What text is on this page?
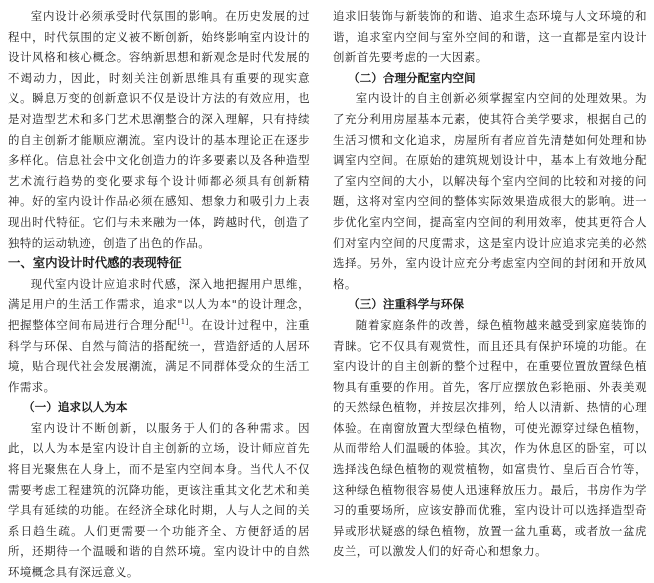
室内设计必须承受时代氛围的影响。在历史发展的过程中，时代氛围的定义被不断创新，始终影响室内设计的设计风格和核心概念。容纳新思想和新观念是时代发展的不竭动力，因此，时刻关注创新思维具有重要的现实意义。瞬息万变的创新意识不仅是设计方法的有效应用，也是对造型艺术和多门艺术思潮整合的深入理解，只有持续的自主创新才能顺应潮流。室内设计的基本理论正在逐步多样化。信息社会中文化创造力的许多要素以及各种造型艺术流行趋势的变化要求每个设计师都必须具有创新精神。好的室内设计作品必须在感知、想象力和吸引力上表现出时代特征。它们与未来融为一体，跨越时代，创造了独特的运动轨迹，创造了出色的作品。

一、室内设计时代感的表现特征

现代室内设计应追求时代感，深入地把握用户思维，满足用户的生活工作需求，追求"以人为本"的设计理念，把握整体空间布局进行合理分配[1]。在设计过程中，注重科学与环保、自然与简洁的搭配统一，营造舒适的人居环境，贴合现代社会发展潮流，满足不同群体受众的生活工作需求。

（一）追求以人为本

室内设计不断创新，以服务于人们的各种需求。因此，以人为本是室内设计自主创新的立场，设计师应首先将目光聚焦在人身上，而不是室内空间本身。当代人不仅需要考虑工程建筑的沉降功能，更该注重其文化艺术和美学具有延续的功能。在经济全球化时期，人与人之间的关系日趋生疏。人们更需要一个功能齐全、方便舒适的居所，还期待一个温暖和谐的自然环境。室内设计中的自然环境概念具有深远意义。

追求旧装饰与新装饰的和谐、追求生态环境与人文环境的和谐，追求室内空间与室外空间的和谐，这一直都是室内设计创新首先要考虑的一大因素。

（二）合理分配室内空间

室内设计的自主创新必须掌握室内空间的处理效果。为了充分利用房屋基本元素，使其符合美学要求，根据自己的生活习惯和文化追求，房屋所有者应首先清楚如何处理和协调室内空间。在原始的建筑规划设计中，基本上有效地分配了室内空间的大小，以解决每个室内空间的比较和对接的问题，这将对室内空间的整体实际效果造成很大的影响。进一步优化室内空间，提高室内空间的利用效率，使其更符合人们对室内空间的尺度需求，这是室内设计应追求完美的必然选择。另外，室内设计应充分考虑室内空间的封闭和开放风格。

（三）注重科学与环保

随着家庭条件的改善，绿色植物越来越受到家庭装饰的青睐。它不仅具有观赏性，而且还具有保护环境的功能。在室内设计的自主创新的整个过程中，在重要位置放置绿色植物具有重要的作用。首先，客厅应摆放色彩艳丽、外表美观的天然绿色植物，并按层次排列，给人以清新、热情的心理体验。在南窗放置大型绿色植物，可使光源穿过绿色植物，从而带给人们温暖的体验。其次，作为休息区的卧室，可以选择浅色绿色植物的观赏植物，如富贵竹、皇后百合竹等，这种绿色植物很容易使人迅速释放压力。最后，书房作为学习的重要场所，应该安静而优雅，室内设计可以选择造型奇异或形状疑惑的绿色植物，放置一盆九重葛，或者放一盆虎皮兰，可以激发人们的好奇心和想象力。
